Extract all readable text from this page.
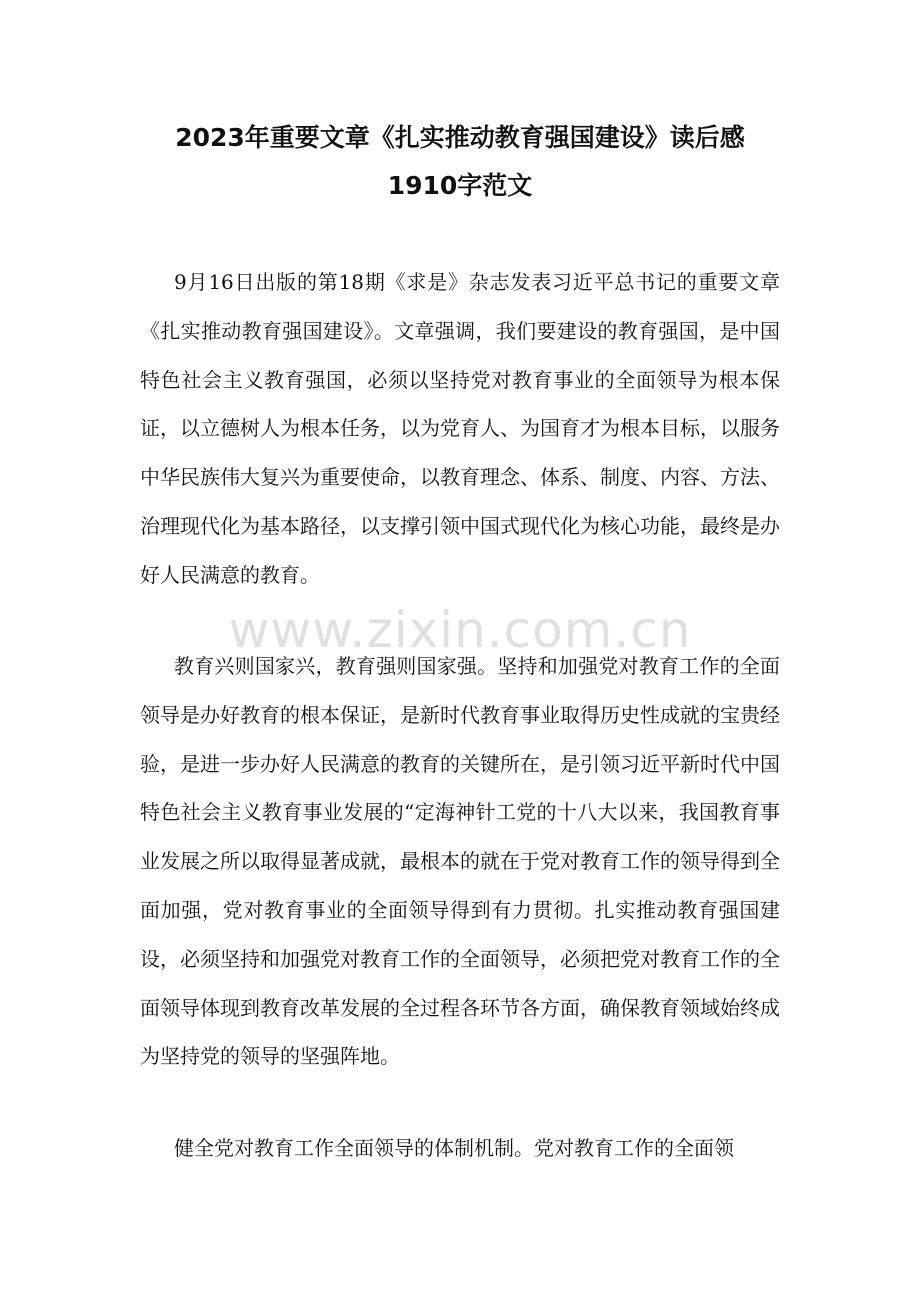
2023年重要文章《扎实推动教育强国建设》读后感
1910字范文

9月16日出版的第18期《求是》杂志发表习近平总书记的重要文章《扎实推动教育强国建设》。文章强调，我们要建设的教育强国，是中国特色社会主义教育强国，必须以坚持党对教育事业的全面领导为根本保证，以立德树人为根本任务，以为党育人、为国育才为根本目标，以服务中华民族伟大复兴为重要使命，以教育理念、体系、制度、内容、方法、治理现代化为基本路径，以支撑引领中国式现代化为核心功能，最终是办好人民满意的教育。

教育兴则国家兴，教育强则国家强。坚持和加强党对教育工作的全面领导是办好教育的根本保证，是新时代教育事业取得历史性成就的宝贵经验，是进一步办好人民满意的教育的关键所在，是引领习近平新时代中国特色社会主义教育事业发展的“定海神针工党的十八大以来，我国教育事业发展之所以取得显著成就，最根本的就在于党对教育工作的领导得到全面加强，党对教育事业的全面领导得到有力贯彻。扎实推动教育强国建设，必须坚持和加强党对教育工作的全面领导，必须把党对教育工作的全面领导体现到教育改革发展的全过程各环节各方面，确保教育领域始终成为坚持党的领导的坚强阵地。

健全党对教育工作全面领导的体制机制。党对教育工作的全面领

www.zixin.com.cn
